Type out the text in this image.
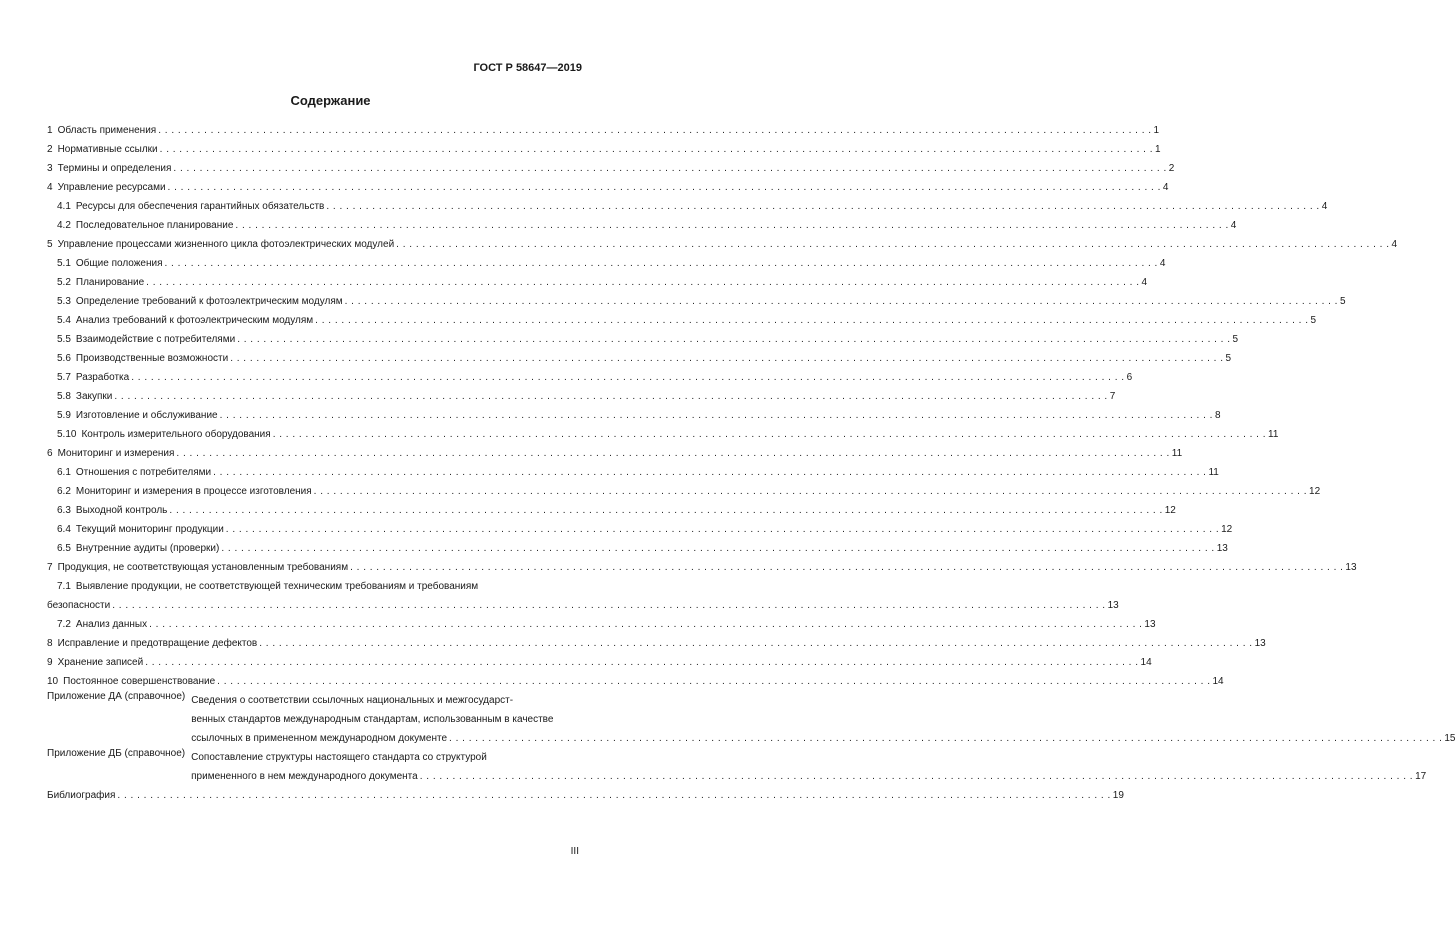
ГОСТ Р 58647—2019
Содержание
1 Область применения . . .	1
2 Нормативные ссылки . . .	1
3 Термины и определения . . .	2
4 Управление ресурсами . . .	4
4.1 Ресурсы для обеспечения гарантийных обязательств . . .	4
4.2 Последовательное планирование . . .	4
5 Управление процессами жизненного цикла фотоэлектрических модулей . . .	4
5.1 Общие положения . . .	4
5.2 Планирование . . .	4
5.3 Определение требований к фотоэлектрическим модулям . . .	5
5.4 Анализ требований к фотоэлектрическим модулям . . .	5
5.5 Взаимодействие с потребителями . . .	5
5.6 Производственные возможности . . .	5
5.7 Разработка . . .	6
5.8 Закупки . . .	7
5.9 Изготовление и обслуживание . . .	8
5.10 Контроль измерительного оборудования . . .	11
6 Мониторинг и измерения . . .	11
6.1 Отношения с потребителями . . .	11
6.2 Мониторинг и измерения в процессе изготовления . . .	12
6.3 Выходной контроль . . .	12
6.4 Текущий мониторинг продукции . . .	12
6.5 Внутренние аудиты (проверки) . . .	13
7 Продукция, не соответствующая установленным требованиям . . .	13
7.1 Выявление продукции, не соответствующей техническим требованиям и требованиям
безопасности . . .	13
7.2 Анализ данных . . .	13
8 Исправление и предотвращение дефектов . . .	13
9 Хранение записей . . .	14
10 Постоянное совершенствование . . .	14
Приложение ДА (справочное) Сведения о соответствии ссылочных национальных и межгосударст-
венных стандартов международным стандартам, использованным в качестве
ссылочных в примененном международном документе . . .	15
Приложение ДБ (справочное) Сопоставление структуры настоящего стандарта со структурой
примененного в нем международного документа . . .	17
Библиография . . .	19
III
